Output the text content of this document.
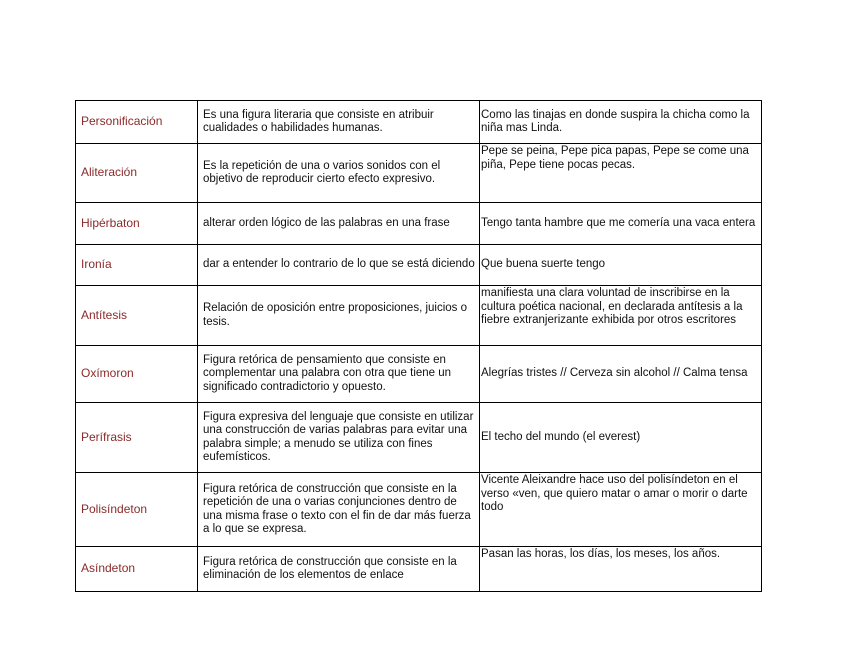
Personificación	Es una figura literaria que consiste en atribuir cualidades o habilidades humanas.	Como las tinajas en donde suspira la chicha como la niña mas Linda.
Aliteración	Es la repetición de una o varios sonidos con el objetivo de reproducir cierto efecto expresivo.	Pepe se peina, Pepe pica papas, Pepe se come una piña, Pepe tiene pocas pecas.
Hipérbaton	alterar orden lógico de las palabras en una frase	Tengo tanta hambre que me comería una vaca entera
Ironía	dar a entender lo contrario de lo que se está diciendo	Que buena suerte tengo
Antítesis	Relación de oposición entre proposiciones, juicios o tesis.	manifiesta una clara voluntad de inscribirse en la cultura poética nacional, en declarada antítesis a la fiebre extranjerizante exhibida por otros escritores
Oxímoron	Figura retórica de pensamiento que consiste en complementar una palabra con otra que tiene un significado contradictorio y opuesto.	Alegrías tristes // Cerveza sin alcohol // Calma tensa
Perífrasis	Figura expresiva del lenguaje que consiste en utilizar una construcción de varias palabras para evitar una palabra simple; a menudo se utiliza con fines eufemísticos.	El techo del mundo (el everest)
Polisíndeton	Figura retórica de construcción que consiste en la repetición de una o varias conjunciones dentro de una misma frase o texto con el fin de dar más fuerza a lo que se expresa.	Vicente Aleixandre hace uso del polisíndeton en el verso «ven, que quiero matar o amar o morir o darte todo
Asíndeton	Figura retórica de construcción que consiste en la eliminación de los elementos de enlace	Pasan las horas, los días, los meses, los años.
